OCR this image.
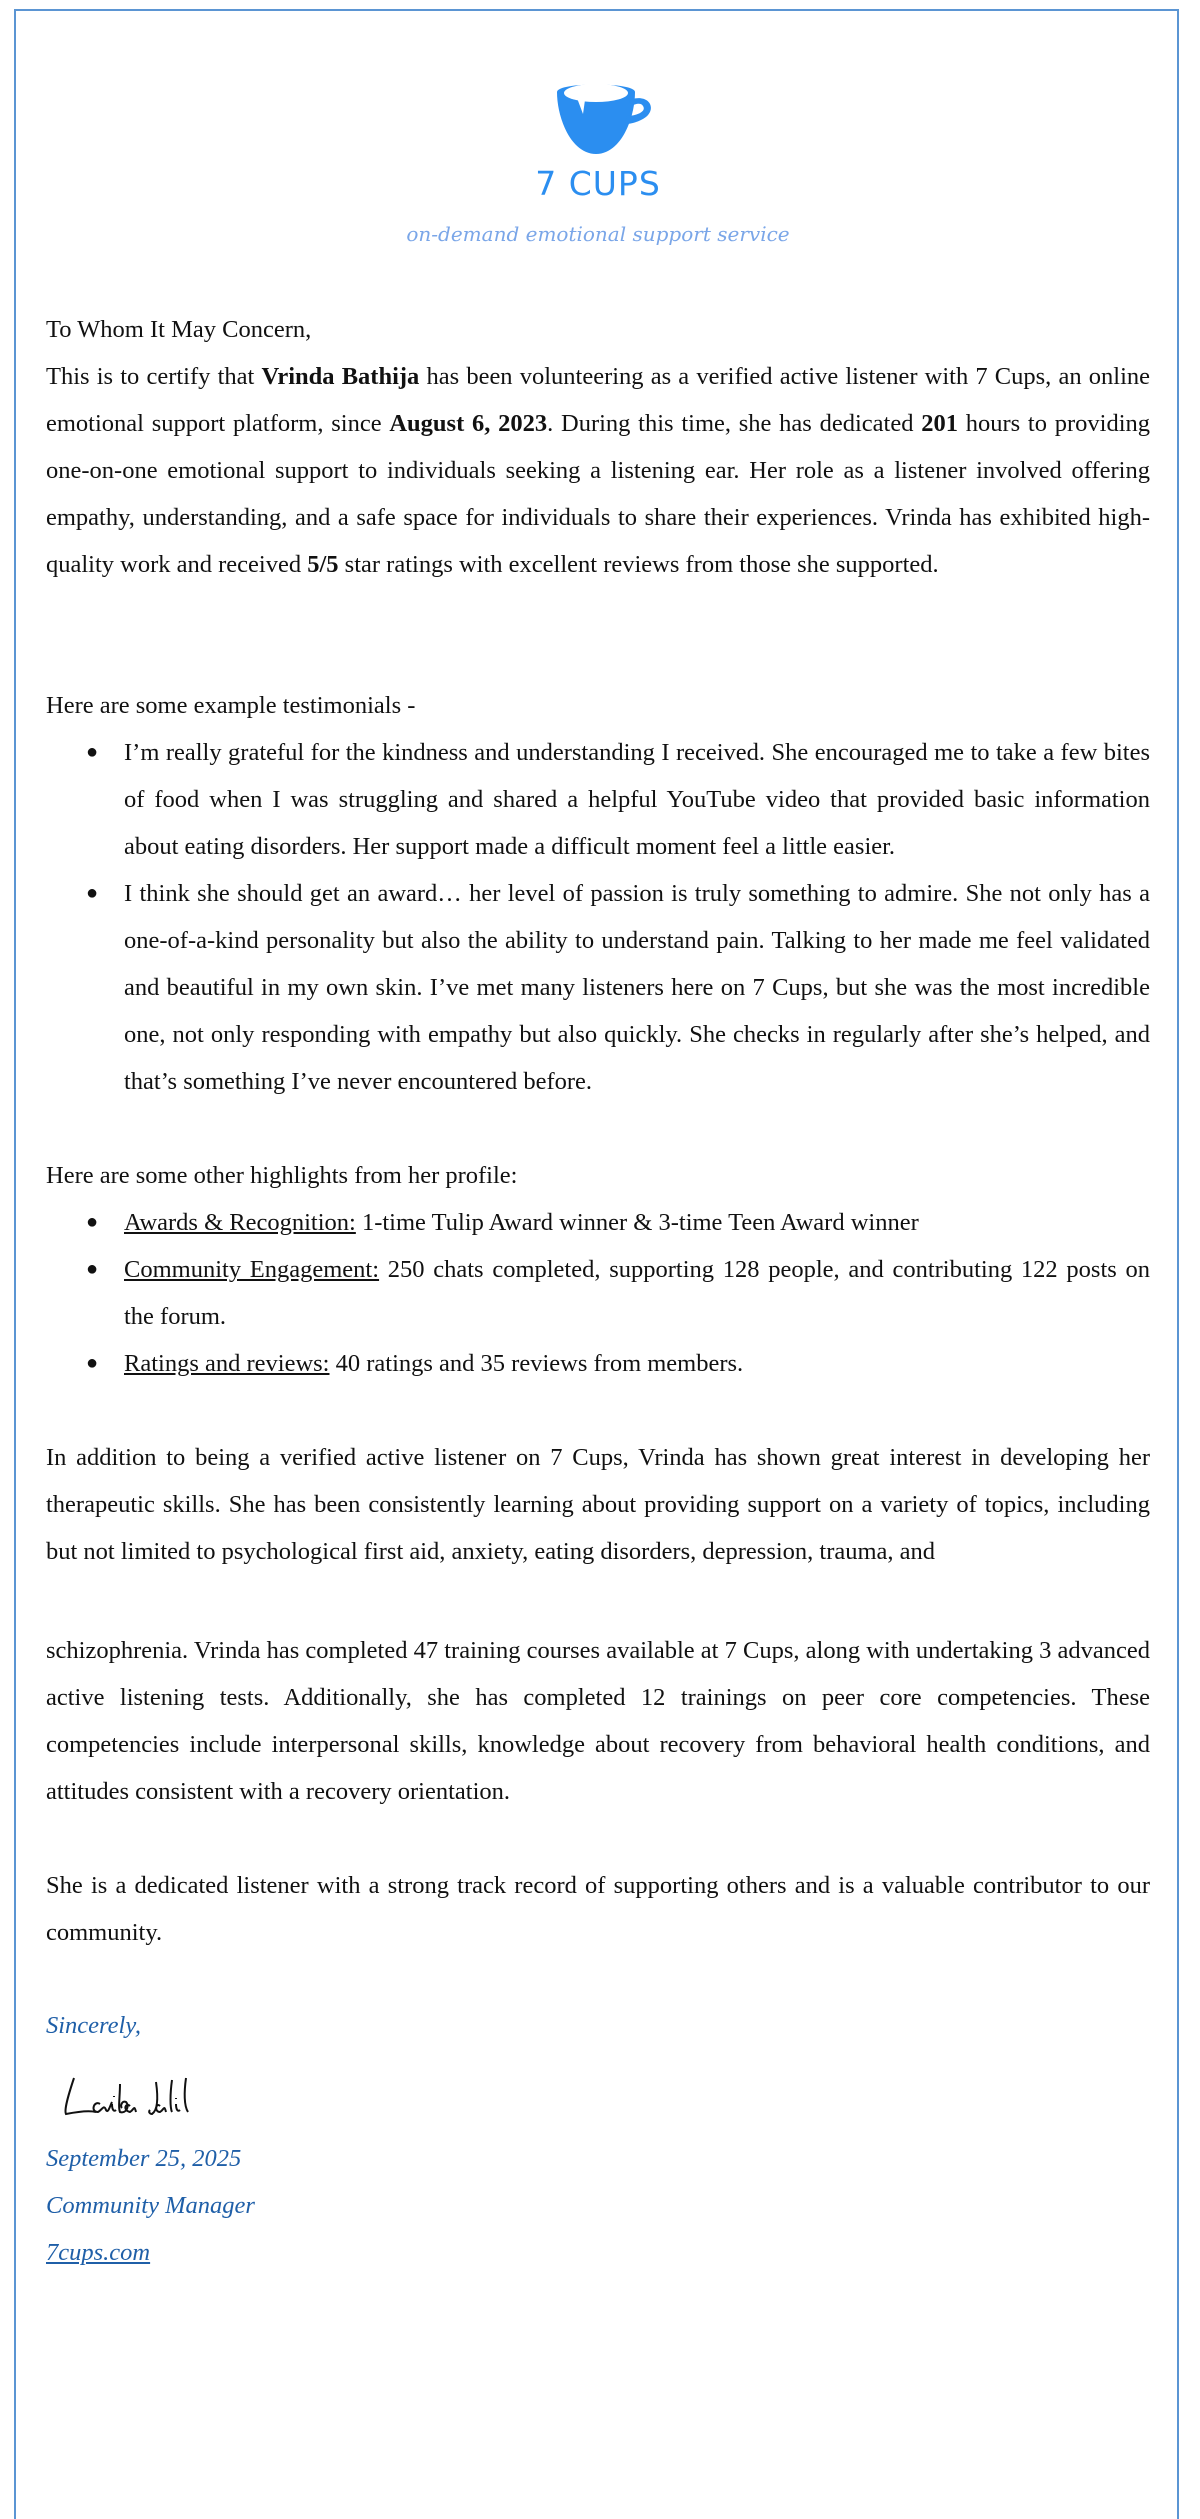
7 CUPS
on-demand emotional support service
To Whom It May Concern,
This is to certify that Vrinda Bathija has been volunteering as a verified active listener with 7 Cups, an online emotional support platform, since August 6, 2023. During this time, she has dedicated 201 hours to providing one-on-one emotional support to individuals seeking a listening ear. Her role as a listener involved offering empathy, understanding, and a safe space for individuals to share their experiences. Vrinda has exhibited high-quality work and received 5/5 star ratings with excellent reviews from those she supported.
Here are some example testimonials -
● I’m really grateful for the kindness and understanding I received. She encouraged me to take a few bites of food when I was struggling and shared a helpful YouTube video that provided basic information about eating disorders. Her support made a difficult moment feel a little easier.
● I think she should get an award… her level of passion is truly something to admire. She not only has a one-of-a-kind personality but also the ability to understand pain. Talking to her made me feel validated and beautiful in my own skin. I’ve met many listeners here on 7 Cups, but she was the most incredible one, not only responding with empathy but also quickly. She checks in regularly after she’s helped, and that’s something I’ve never encountered before.
Here are some other highlights from her profile:
● Awards & Recognition: 1-time Tulip Award winner & 3-time Teen Award winner
● Community Engagement: 250 chats completed, supporting 128 people, and contributing 122 posts on the forum.
● Ratings and reviews: 40 ratings and 35 reviews from members.
In addition to being a verified active listener on 7 Cups, Vrinda has shown great interest in developing her therapeutic skills. She has been consistently learning about providing support on a variety of topics, including but not limited to psychological first aid, anxiety, eating disorders, depression, trauma, and
schizophrenia. Vrinda has completed 47 training courses available at 7 Cups, along with undertaking 3 advanced active listening tests. Additionally, she has completed 12 trainings on peer core competencies. These competencies include interpersonal skills, knowledge about recovery from behavioral health conditions, and attitudes consistent with a recovery orientation.
She is a dedicated listener with a strong track record of supporting others and is a valuable contributor to our community.
Sincerely,
September 25, 2025
Community Manager
7cups.com
